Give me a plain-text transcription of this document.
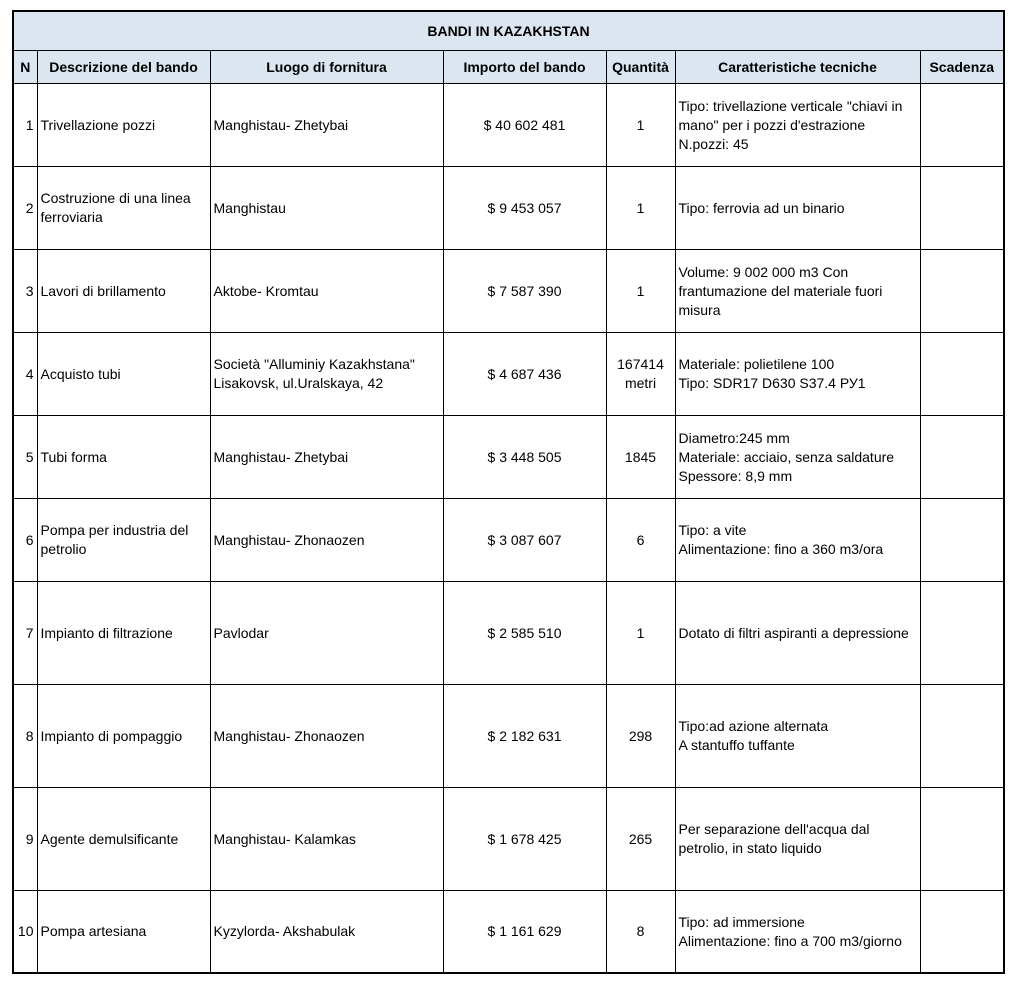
BANDI IN KAZAKHSTAN						
N	Descrizione del bando	Luogo di fornitura	Importo del bando	Quantità	Caratteristiche tecniche	Scadenza
1	Trivellazione pozzi	Manghistau- Zhetybai	$ 40 602 481	1	Tipo: trivellazione verticale "chiavi in mano" per i pozzi d'estrazione
N.pozzi: 45	
2	Costruzione di una linea ferroviaria	Manghistau	$ 9 453 057	1	Tipo: ferrovia ad un binario	
3	Lavori di brillamento	Aktobe- Kromtau	$ 7 587 390	1	Volume: 9 002 000 m3 Con frantumazione del materiale fuori misura	
4	Acquisto tubi	Società "Alluminiy Kazakhstana" Lisakovsk, ul.Uralskaya, 42	$ 4 687 436	167414 metri	Materiale: polietilene 100
Tipo: SDR17 D630 S37.4 РУ1	
5	Tubi forma	Manghistau- Zhetybai	$ 3 448 505	1845	Diametro:245 mm
Materiale: acciaio, senza saldature
Spessore: 8,9 mm	
6	Pompa per industria del petrolio	Manghistau- Zhonaozen	$ 3 087 607	6	Tipo: a vite
Alimentazione: fino a 360 m3/ora	
7	Impianto di filtrazione	Pavlodar	$ 2 585 510	1	Dotato di filtri aspiranti a depressione	
8	Impianto di pompaggio	Manghistau- Zhonaozen	$ 2 182 631	298	Tipo:ad azione alternata
A stantuffo tuffante	
9	Agente demulsificante	Manghistau- Kalamkas	$ 1 678 425	265	Per separazione dell'acqua dal petrolio, in stato liquido	
10	Pompa artesiana	Kyzylorda- Akshabulak	$ 1 161 629	8	Tipo: ad immersione
Alimentazione: fino a 700 m3/giorno	
